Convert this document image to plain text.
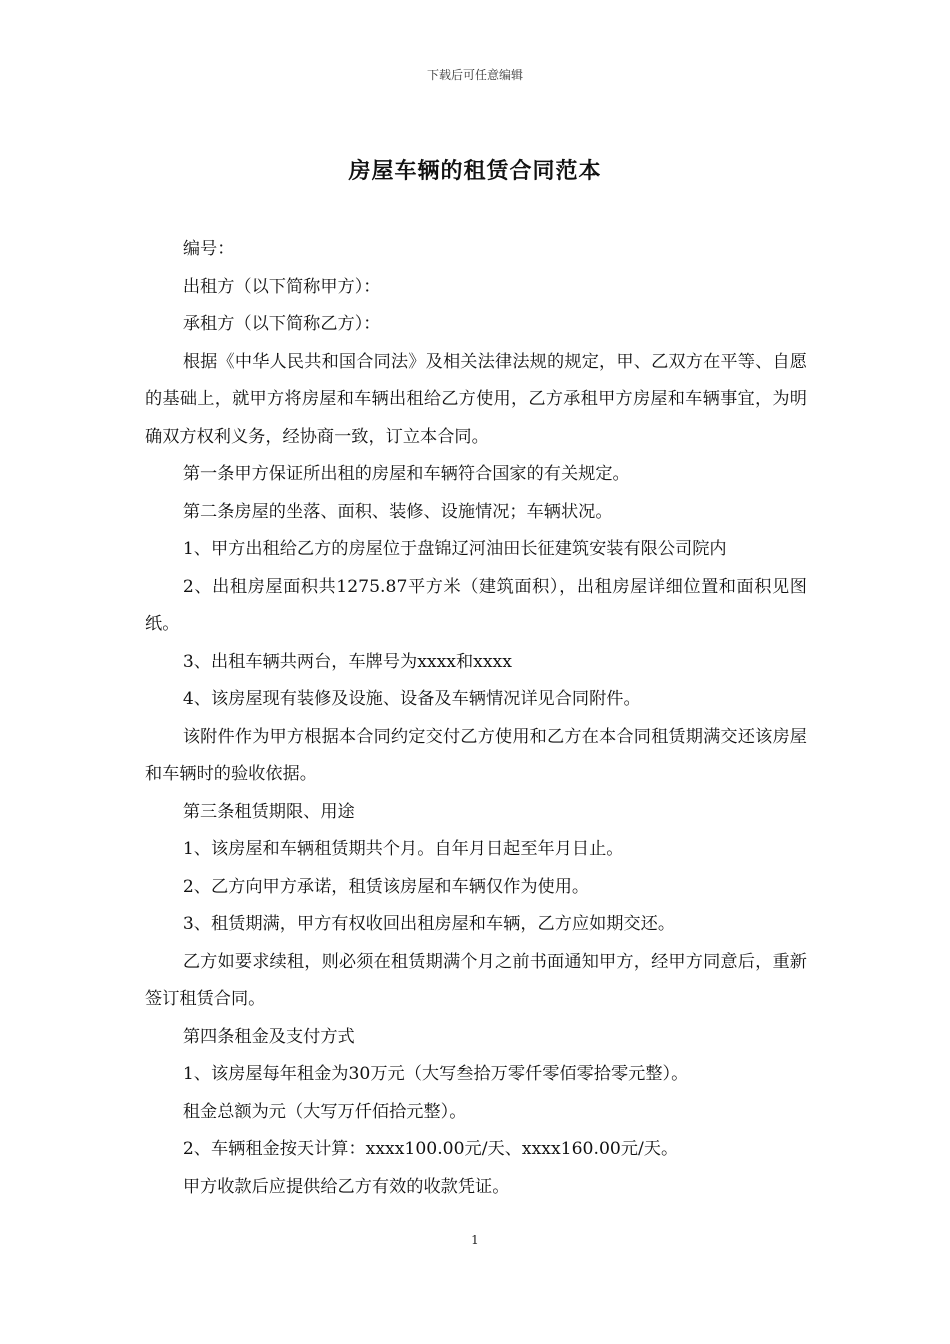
下载后可任意编辑
房屋车辆的租赁合同范本

编号：

出租方（以下简称甲方）：

承租方（以下简称乙方）：

根据《中华人民共和国合同法》及相关法律法规的规定，甲、乙双方在平等、自愿的基础上，就甲方将房屋和车辆出租给乙方使用，乙方承租甲方房屋和车辆事宜，为明确双方权利义务，经协商一致，订立本合同。

第一条甲方保证所出租的房屋和车辆符合国家的有关规定。

第二条房屋的坐落、面积、装修、设施情况；车辆状况。

1、甲方出租给乙方的房屋位于盘锦辽河油田长征建筑安装有限公司院内

2、出租房屋面积共1275.87平方米（建筑面积），出租房屋详细位置和面积见图纸。

3、出租车辆共两台，车牌号为xxxx和xxxx

4、该房屋现有装修及设施、设备及车辆情况详见合同附件。

该附件作为甲方根据本合同约定交付乙方使用和乙方在本合同租赁期满交还该房屋和车辆时的验收依据。

第三条租赁期限、用途

1、该房屋和车辆租赁期共个月。自年月日起至年月日止。

2、乙方向甲方承诺，租赁该房屋和车辆仅作为使用。

3、租赁期满，甲方有权收回出租房屋和车辆，乙方应如期交还。

乙方如要求续租，则必须在租赁期满个月之前书面通知甲方，经甲方同意后，重新签订租赁合同。

第四条租金及支付方式

1、该房屋每年租金为30万元（大写叁拾万零仟零佰零拾零元整）。

租金总额为元（大写万仟佰拾元整）。

2、车辆租金按天计算：xxxx100.00元/天、xxxx160.00元/天。

甲方收款后应提供给乙方有效的收款凭证。

1
